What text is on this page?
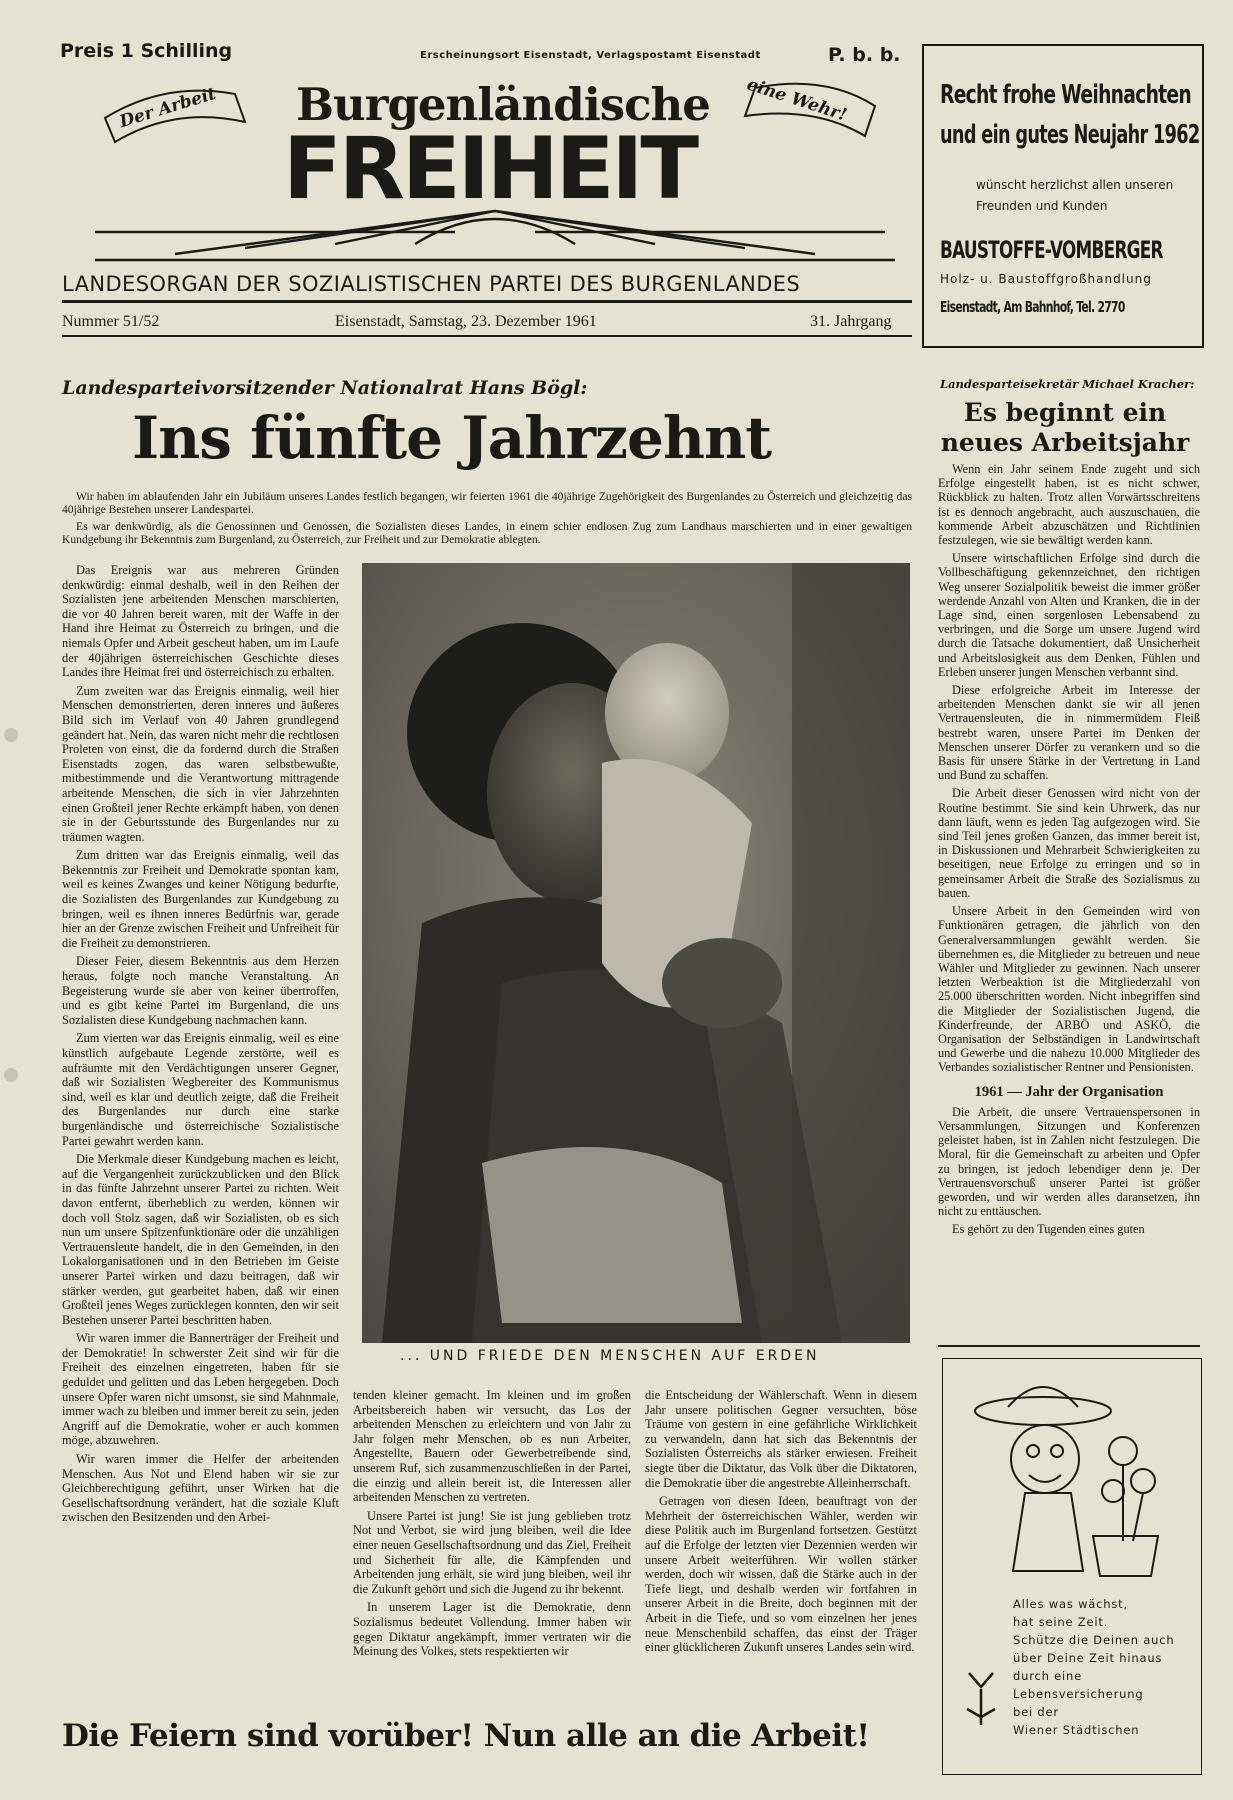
Preis 1 Schilling	Erscheinungsort Eisenstadt, Verlagspostamt Eisenstadt	P. b. b.
Der Arbeit	eine Wehr!
Burgenländische
FREIHEIT
LANDESORGAN DER SOZIALISTISCHEN PARTEI DES BURGENLANDES
Nummer 51/52	Eisenstadt, Samstag, 23. Dezember 1961	31. Jahrgang
Recht frohe Weihnachten
und ein gutes Neujahr 1962
wünscht herzlichst allen unseren
Freunden und Kunden
BAUSTOFFE-VOMBERGER
Holz- u. Baustoffgroßhandlung
Eisenstadt, Am Bahnhof, Tel. 2770
Landesparteivorsitzender Nationalrat Hans Bögl:
Ins fünfte Jahrzehnt

Wir haben im ablaufenden Jahr ein Jubiläum unseres Landes festlich begangen, wir feierten 1961 die 40jährige Zugehörigkeit des Burgenlandes zu Österreich und gleichzeitig das 40jährige Bestehen unserer Landespartei.

Es war denkwürdig, als die Genossinnen und Genossen, die Sozialisten dieses Landes, in einem schier endlosen Zug zum Landhaus marschierten und in einer gewaltigen Kundgebung ihr Bekenntnis zum Burgenland, zu Österreich, zur Freiheit und zur Demokratie ablegten.

Das Ereignis war aus mehreren Gründen denkwürdig: einmal deshalb, weil in den Reihen der Sozialisten jene arbeitenden Menschen marschierten, die vor 40 Jahren bereit waren, mit der Waffe in der Hand ihre Heimat zu Österreich zu bringen, und die niemals Opfer und Arbeit gescheut haben, um im Laufe der 40jährigen österreichischen Geschichte dieses Landes ihre Heimat frei und österreichisch zu erhalten.

Zum zweiten war das Ereignis einmalig, weil hier Menschen demonstrierten, deren inneres und äußeres Bild sich im Verlauf von 40 Jahren grundlegend geändert hat. Nein, das waren nicht mehr die rechtlosen Proleten von einst, die da fordernd durch die Straßen Eisenstadts zogen, das waren selbstbewußte, mitbestimmende und die Verantwortung mittragende arbeitende Menschen, die sich in vier Jahrzehnten einen Großteil jener Rechte erkämpft haben, von denen sie in der Geburtsstunde des Burgenlandes nur zu träumen wagten.

Zum dritten war das Ereignis einmalig, weil das Bekenntnis zur Freiheit und Demokratie spontan kam, weil es keines Zwanges und keiner Nötigung bedurfte, die Sozialisten des Burgenlandes zur Kundgebung zu bringen, weil es ihnen inneres Bedürfnis war, gerade hier an der Grenze zwischen Freiheit und Unfreiheit für die Freiheit zu demonstrieren.

Dieser Feier, diesem Bekenntnis aus dem Herzen heraus, folgte noch manche Veranstaltung. An Begeisterung wurde sie aber von keiner übertroffen, und es gibt keine Partei im Burgenland, die uns Sozialisten diese Kundgebung nachmachen kann.

Zum vierten war das Ereignis einmalig, weil es eine künstlich aufgebaute Legende zerstörte, weil es aufräumte mit den Verdächtigungen unserer Gegner, daß wir Sozialisten Wegbereiter des Kommunismus sind, weil es klar und deutlich zeigte, daß die Freiheit des Burgenlandes nur durch eine starke burgenländische und österreichische Sozialistische Partei gewahrt werden kann.

Die Merkmale dieser Kundgebung machen es leicht, auf die Vergangenheit zurückzublicken und den Blick in das fünfte Jahrzehnt unserer Partei zu richten. Weit davon entfernt, überheblich zu werden, können wir doch voll Stolz sagen, daß wir Sozialisten, ob es sich nun um unsere Spitzenfunktionäre oder die unzähligen Vertrauensleute handelt, die in den Gemeinden, in den Lokalorganisationen und in den Betrieben im Geiste unserer Partei wirken und dazu beitragen, daß wir stärker werden, gut gearbeitet haben, daß wir einen Großteil jenes Weges zurücklegen konnten, den wir seit Bestehen unserer Partei beschritten haben.

Wir waren immer die Bannerträger der Freiheit und der Demokratie! In schwerster Zeit sind wir für die Freiheit des einzelnen eingetreten, haben für sie geduldet und gelitten und das Leben hergegeben. Doch unsere Opfer waren nicht umsonst, sie sind Mahnmale, immer wach zu bleiben und immer bereit zu sein, jeden Angriff auf die Demokratie, woher er auch kommen möge, abzuwehren.

Wir waren immer die Helfer der arbeitenden Menschen. Aus Not und Elend haben wir sie zur Gleichberechtigung geführt, unser Wirken hat die Gesellschaftsordnung verändert, hat die soziale Kluft zwischen den Besitzenden und den Arbei-

... UND FRIEDE DEN MENSCHEN AUF ERDEN

tenden kleiner gemacht. Im kleinen und im großen Arbeitsbereich haben wir versucht, das Los der arbeitenden Menschen zu erleichtern und von Jahr zu Jahr folgen mehr Menschen, ob es nun Arbeiter, Angestellte, Bauern oder Gewerbetreibende sind, unserem Ruf, sich zusammenzuschließen in der Partei, die einzig und allein bereit ist, die Interessen aller arbeitenden Menschen zu vertreten.

Unsere Partei ist jung! Sie ist jung geblieben trotz Not und Verbot, sie wird jung bleiben, weil die Idee einer neuen Gesellschaftsordnung und das Ziel, Freiheit und Sicherheit für alle, die Kämpfenden und Arbeitenden jung erhält, sie wird jung bleiben, weil ihr die Zukunft gehört und sich die Jugend zu ihr bekennt.

In unserem Lager ist die Demokratie, denn Sozialismus bedeutet Vollendung. Immer haben wir gegen Diktatur angekämpft, immer vertraten wir die Meinung des Volkes, stets respektierten wir

die Entscheidung der Wählerschaft. Wenn in diesem Jahr unsere politischen Gegner versuchten, böse Träume von gestern in eine gefährliche Wirklichkeit zu verwandeln, dann hat sich das Bekenntnis der Sozialisten Österreichs als stärker erwiesen. Freiheit siegte über die Diktatur, das Volk über die Diktatoren, die Demokratie über die angestrebte Alleinherrschaft.

Getragen von diesen Ideen, beauftragt von der Mehrheit der österreichischen Wähler, werden wir diese Politik auch im Burgenland fortsetzen. Gestützt auf die Erfolge der letzten vier Dezennien werden wir unsere Arbeit weiterführen. Wir wollen stärker werden, doch wir wissen, daß die Stärke auch in der Tiefe liegt, und deshalb werden wir fortfahren in unserer Arbeit in die Breite, doch beginnen mit der Arbeit in die Tiefe, und so vom einzelnen her jenes neue Menschenbild schaffen, das einst der Träger einer glücklicheren Zukunft unseres Landes sein wird.

Die Feiern sind vorüber! Nun alle an die Arbeit!
Landesparteisekretär Michael Kracher:
Es beginnt ein
neues Arbeitsjahr

Wenn ein Jahr seinem Ende zugeht und sich Erfolge eingestellt haben, ist es nicht schwer, Rückblick zu halten. Trotz allen Vorwärtsschreitens ist es dennoch angebracht, auch auszuschauen, die kommende Arbeit abzuschätzen und Richtlinien festzulegen, wie sie bewältigt werden kann.

Unsere wirtschaftlichen Erfolge sind durch die Vollbeschäftigung gekennzeichnet, den richtigen Weg unserer Sozialpolitik beweist die immer größer werdende Anzahl von Alten und Kranken, die in der Lage sind, einen sorgenlosen Lebensabend zu verbringen, und die Sorge um unsere Jugend wird durch die Tatsache dokumentiert, daß Unsicherheit und Arbeitslosigkeit aus dem Denken, Fühlen und Erleben unserer jungen Menschen verbannt sind.

Diese erfolgreiche Arbeit im Interesse der arbeitenden Menschen dankt sie wir all jenen Vertrauensleuten, die in nimmermüdem Fleiß bestrebt waren, unsere Partei im Denken der Menschen unserer Dörfer zu verankern und so die Basis für unsere Stärke in der Vertretung in Land und Bund zu schaffen.

Die Arbeit dieser Genossen wird nicht von der Routine bestimmt. Sie sind kein Uhrwerk, das nur dann läuft, wenn es jeden Tag aufgezogen wird. Sie sind Teil jenes großen Ganzen, das immer bereit ist, in Diskussionen und Mehrarbeit Schwierigkeiten zu beseitigen, neue Erfolge zu erringen und so in gemeinsamer Arbeit die Straße des Sozialismus zu bauen.

Unsere Arbeit in den Gemeinden wird von Funktionären getragen, die jährlich von den Generalversammlungen gewählt werden. Sie übernehmen es, die Mitglieder zu betreuen und neue Wähler und Mitglieder zu gewinnen. Nach unserer letzten Werbeaktion ist die Mitgliederzahl von 25.000 überschritten worden. Nicht inbegriffen sind die Mitglieder der Sozialistischen Jugend, die Kinderfreunde, der ARBÖ und ASKÖ, die Organisation der Selbständigen in Landwirtschaft und Gewerbe und die nahezu 10.000 Mitglieder des Verbandes sozialistischer Rentner und Pensionisten.

1961 — Jahr der Organisation

Die Arbeit, die unsere Vertrauenspersonen in Versammlungen, Sitzungen und Konferenzen geleistet haben, ist in Zahlen nicht festzulegen. Die Moral, für die Gemeinschaft zu arbeiten und Opfer zu bringen, ist jedoch lebendiger denn je. Der Vertrauensvorschuß unserer Partei ist größer geworden, und wir werden alles daransetzen, ihn nicht zu enttäuschen.

Es gehört zu den Tugenden eines guten

Alles was wächst,
hat seine Zeit.
Schütze die Deinen auch
über Deine Zeit hinaus
durch eine
Lebensversicherung
bei der
Wiener Städtischen
